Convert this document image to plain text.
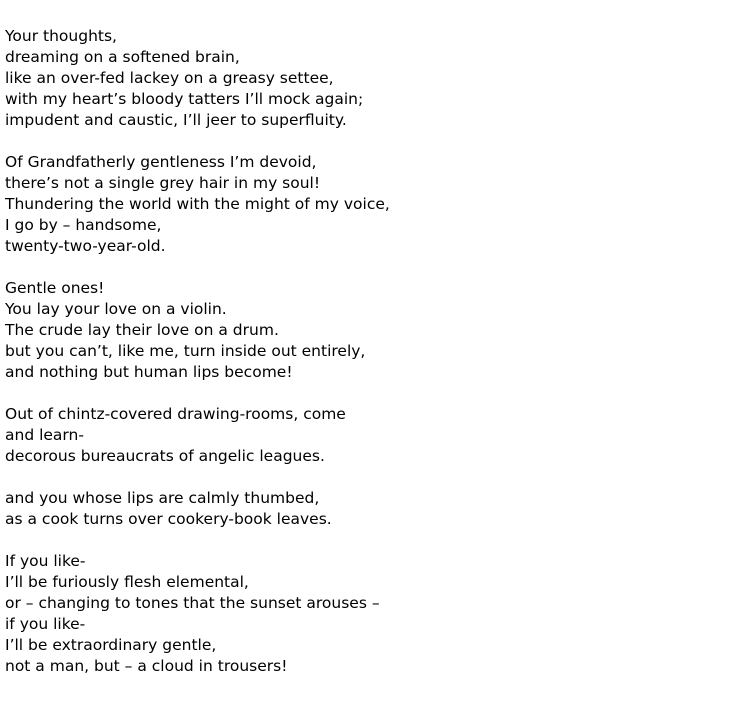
Your thoughts,
dreaming on a softened brain,
like an over-fed lackey on a greasy settee,
with my heart’s bloody tatters I’ll mock again;
impudent and caustic, I’ll jeer to superfluity.
Of Grandfatherly gentleness I’m devoid,
there’s not a single grey hair in my soul!
Thundering the world with the might of my voice,
I go by – handsome,
twenty-two-year-old.
Gentle ones!
You lay your love on a violin.
The crude lay their love on a drum.
but you can’t, like me, turn inside out entirely,
and nothing but human lips become!
Out of chintz-covered drawing-rooms, come
and learn-
decorous bureaucrats of angelic leagues.
and you whose lips are calmly thumbed,
as a cook turns over cookery-book leaves.
If you like-
I’ll be furiously flesh elemental,
or – changing to tones that the sunset arouses –
if you like-
I’ll be extraordinary gentle,
not a man, but – a cloud in trousers!
